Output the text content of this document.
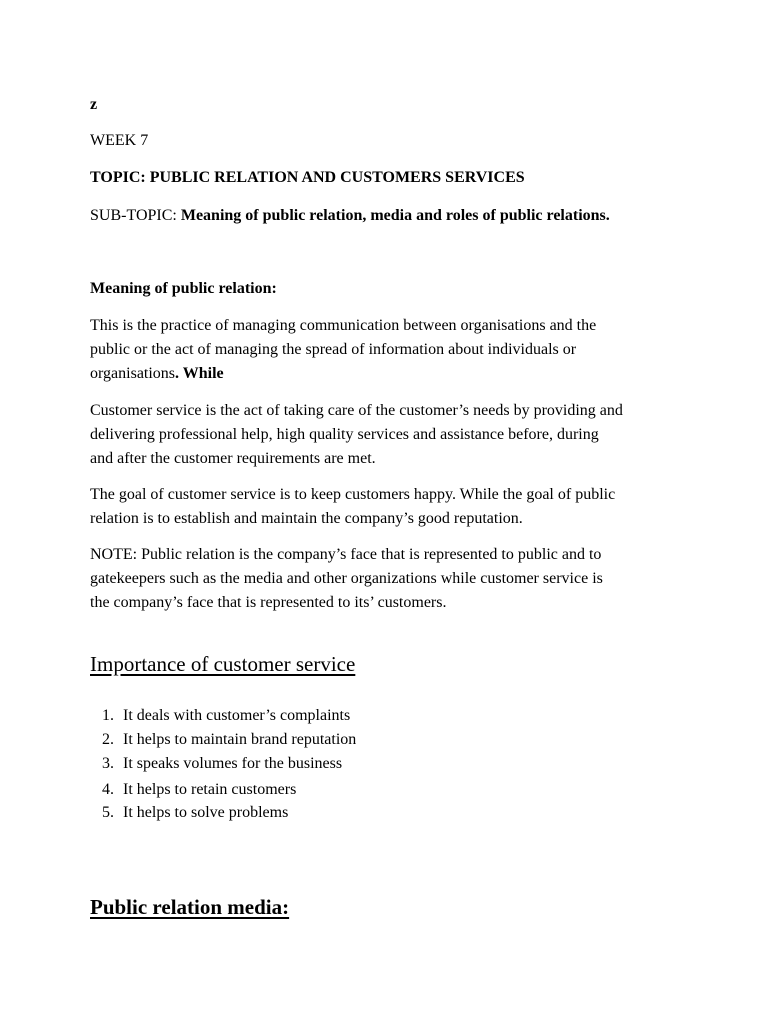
z
WEEK 7
TOPIC: PUBLIC RELATION AND CUSTOMERS SERVICES
SUB-TOPIC: Meaning of public relation, media and roles of public relations.
Meaning of public relation:
This is the practice of managing communication between organisations and the
public or the act of managing the spread of information about individuals or
organisations. While
Customer service is the act of taking care of the customer’s needs by providing and
delivering professional help, high quality services and assistance before, during
and after the customer requirements are met.
The goal of customer service is to keep customers happy. While the goal of public
relation is to establish and maintain the company’s good reputation.
NOTE: Public relation is the company’s face that is represented to public and to
gatekeepers such as the media and other organizations while customer service is
the company’s face that is represented to its’ customers.
Importance of customer service
1. It deals with customer’s complaints
2. It helps to maintain brand reputation
3. It speaks volumes for the business
4. It helps to retain customers
5. It helps to solve problems
Public relation media:
